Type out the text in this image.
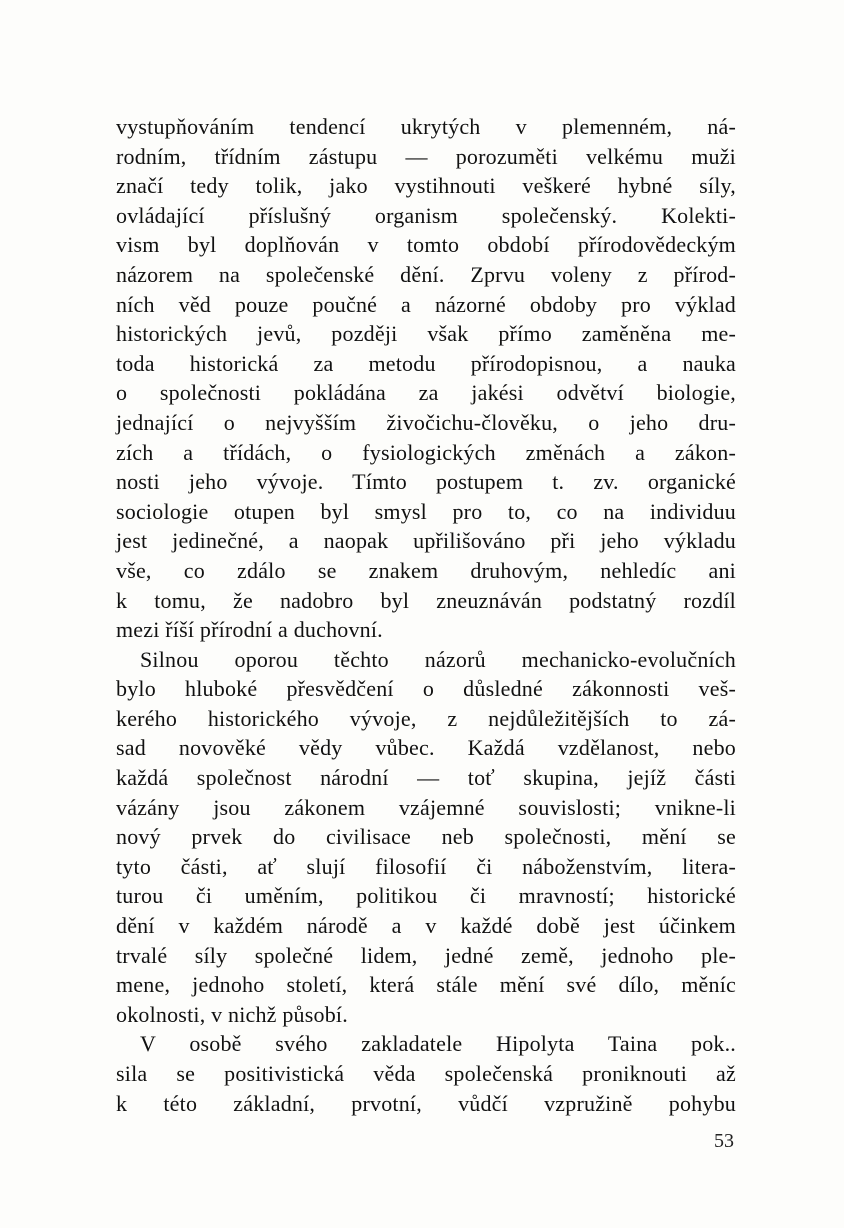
vystupňováním tendencí ukrytých v plemenném, ná-
rodním, třídním zástupu — porozuměti velkému muži
značí tedy tolik, jako vystihnouti veškeré hybné síly,
ovládající příslušný organism společenský. Kolekti-
vism byl doplňován v tomto období přírodovědeckým
názorem na společenské dění. Zprvu voleny z přírod-
ních věd pouze poučné a názorné obdoby pro výklad
historických jevů, později však přímo zaměněna me-
toda historická za metodu přírodopisnou, a nauka
o společnosti pokládána za jakési odvětví biologie,
jednající o nejvyšším živočichu-člověku, o jeho dru-
zích a třídách, o fysiologických změnách a zákon-
nosti jeho vývoje. Tímto postupem t. zv. organické
sociologie otupen byl smysl pro to, co na individuu
jest jedinečné, a naopak upřilišováno při jeho výkladu
vše, co zdálo se znakem druhovým, nehledíc ani
k tomu, že nadobro byl zneuznáván podstatný rozdíl
mezi říší přírodní a duchovní.
Silnou oporou těchto názorů mechanicko-evolučních
bylo hluboké přesvědčení o důsledné zákonnosti veš-
kerého historického vývoje, z nejdůležitějších to zá-
sad novověké vědy vůbec. Každá vzdělanost, nebo
každá společnost národní — toť skupina, jejíž části
vázány jsou zákonem vzájemné souvislosti; vnikne-li
nový prvek do civilisace neb společnosti, mění se
tyto části, ať slují filosofií či náboženstvím, litera-
turou či uměním, politikou či mravností; historické
dění v každém národě a v každé době jest účinkem
trvalé síly společné lidem, jedné země, jednoho ple-
mene, jednoho století, která stále mění své dílo, měníc
okolnosti, v nichž působí.
V osobě svého zakladatele Hipolyta Taina pok..
sila se positivistická věda společenská proniknouti až
k této základní, prvotní, vůdčí vzpružině pohybu
53
